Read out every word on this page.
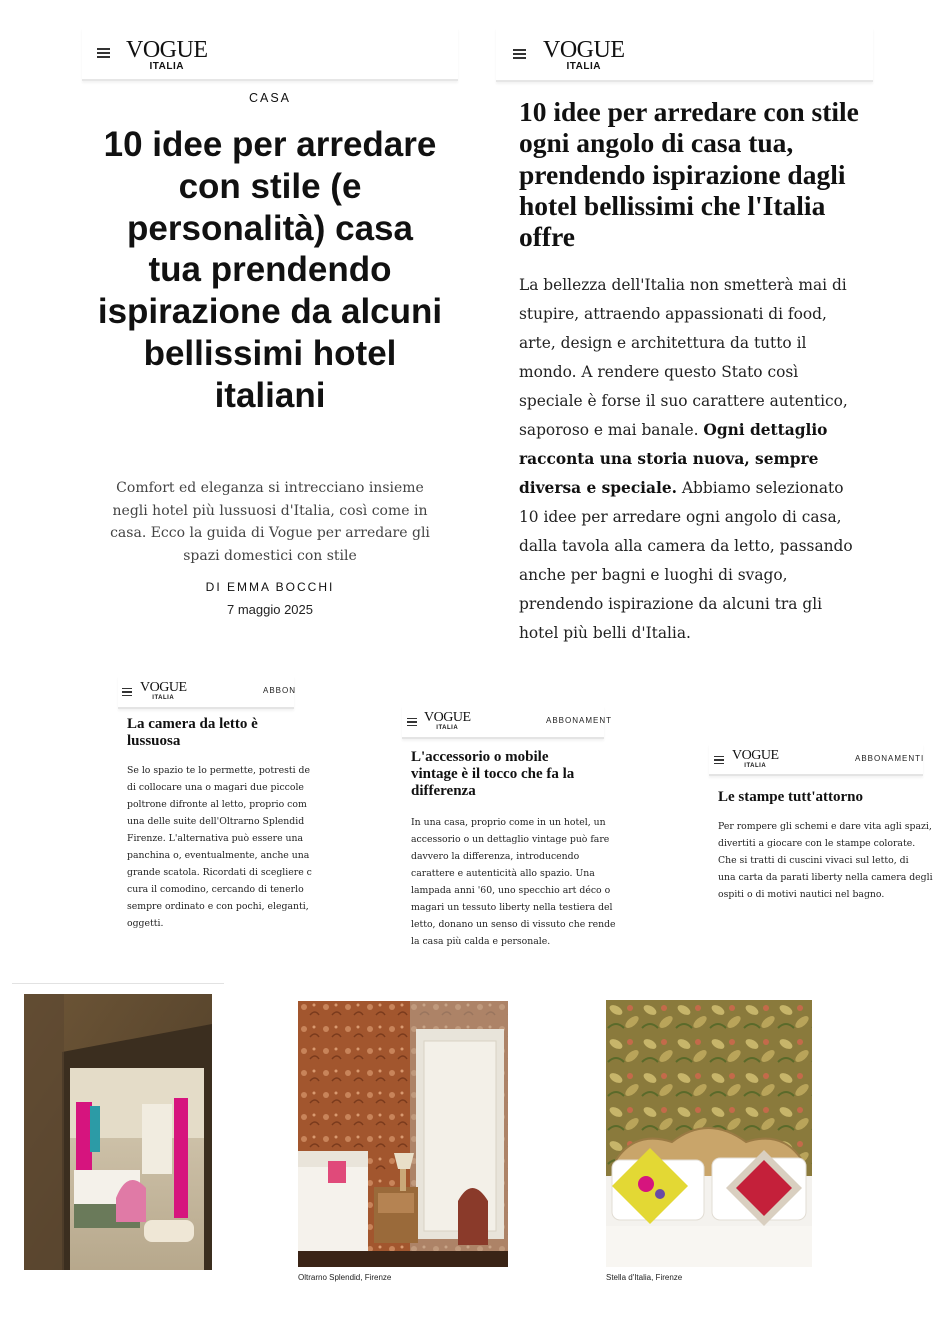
VOGUE
ITALIA
CASA
10 idee per arredare con stile (e personalità) casa tua prendendo ispirazione da alcuni bellissimi hotel italiani

Comfort ed eleganza si intrecciano insieme negli hotel più lussuosi d'Italia, così come in casa. Ecco la guida di Vogue per arredare gli spazi domestici con stile

DI EMMA BOCCHI
7 maggio 2025
VOGUE
ITALIA
10 idee per arredare con stile ogni angolo di casa tua, prendendo ispirazione dagli hotel bellissimi che l'Italia offre

La bellezza dell'Italia non smetterà mai di stupire, attraendo appassionati di food, arte, design e architettura da tutto il mondo. A rendere questo Stato così speciale è forse il suo carattere autentico, saporoso e mai banale. Ogni dettaglio racconta una storia nuova, sempre diversa e speciale. Abbiamo selezionato 10 idee per arredare ogni angolo di casa, dalla tavola alla camera da letto, passando anche per bagni e luoghi di svago, prendendo ispirazione da alcuni tra gli hotel più belli d'Italia.

VOGUE
ITALIA
ABBON
La camera da letto è
lussuosa
Se lo spazio te lo permette, potresti de
di collocare una o magari due piccole
poltrone difronte al letto, proprio com
una delle suite dell'Oltrarno Splendid
Firenze. L'alternativa può essere una
panchina o, eventualmente, anche una
grande scatola. Ricordati di scegliere c
cura il comodino, cercando di tenerlo
sempre ordinato e con pochi, eleganti,
oggetti.
VOGUE
ITALIA
ABBONAMENT
L'accessorio o mobile
vintage è il tocco che fa la
differenza
In una casa, proprio come in un hotel, un
accessorio o un dettaglio vintage può fare
davvero la differenza, introducendo
carattere e autenticità allo spazio. Una
lampada anni '60, uno specchio art déco o
magari un tessuto liberty nella testiera del
letto, donano un senso di vissuto che rende
la casa più calda e personale.
VOGUE
ITALIA
ABBONAMENTI
Le stampe tutt'attorno
Per rompere gli schemi e dare vita agli spazi,
divertiti a giocare con le stampe colorate.
Che si tratti di cuscini vivaci sul letto, di
una carta da parati liberty nella camera degli
ospiti o di motivi nautici nel bagno.
Oltrarno Splendid, Firenze	Stella d'Italia, Firenze
